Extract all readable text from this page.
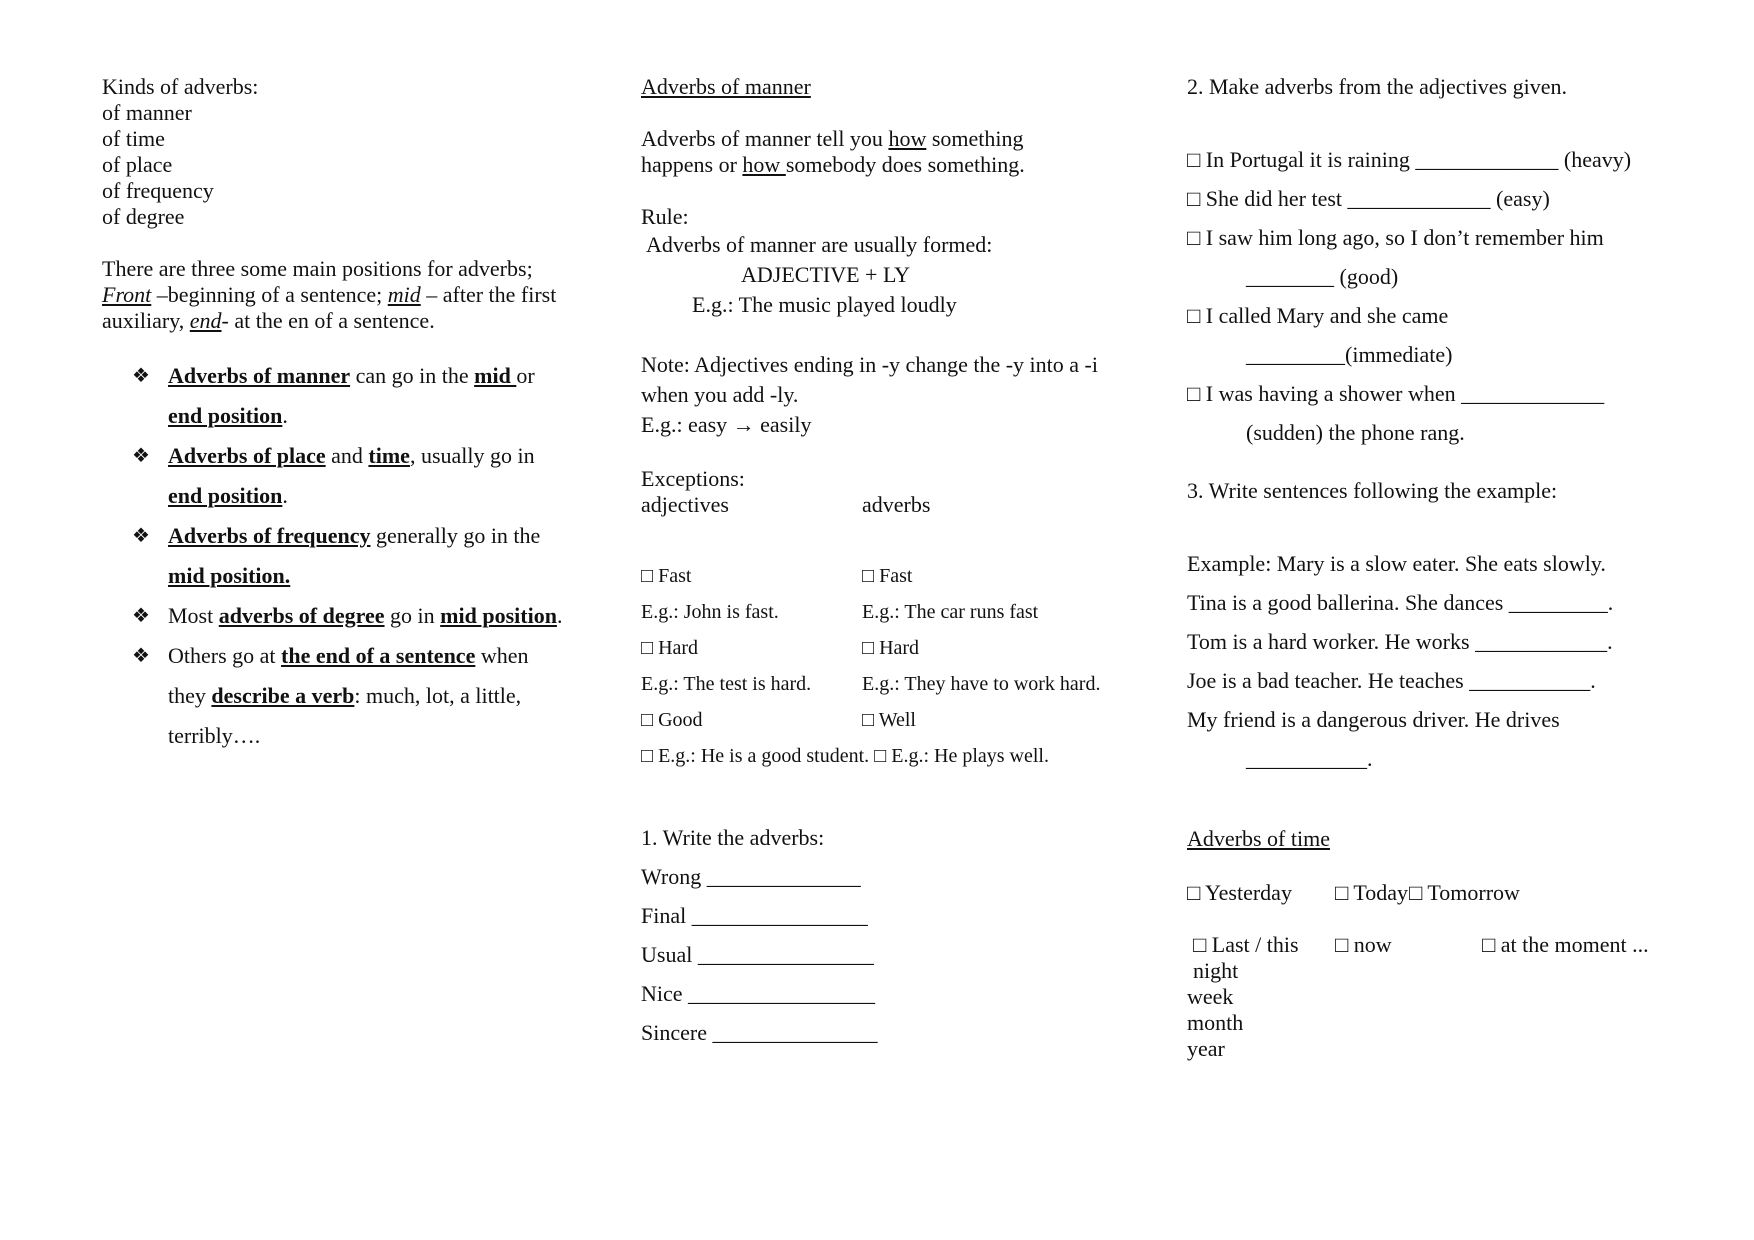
Kinds of adverbs:
of manner
of time
of place
of frequency
of degree
There are three some main positions for adverbs;
Front –beginning of a sentence; mid – after the first auxiliary, end- at the en of a sentence.
❖ Adverbs of manner can go in the mid or
end position.
❖ Adverbs of place and time, usually go in
end position.
❖ Adverbs of frequency generally go in the
mid position.
❖ Most adverbs of degree go in mid position.
❖ Others go at the end of a sentence when they describe a verb: much, lot, a little, terribly….
Adverbs of manner
Adverbs of manner tell you how something happens or how somebody does something.
Rule:
Adverbs of manner are usually formed:
ADJECTIVE + LY
E.g.: The music played loudly
Note: Adjectives ending in -y change the -y into a -i when you add -ly.
E.g.: easy → easily
Exceptions:
adjectives	adverbs
□ Fast	□ Fast
E.g.: John is fast.	E.g.: The car runs fast
□ Hard	□ Hard
E.g.: The test is hard.	E.g.: They have to work hard.
□ Good	□ Well
□ E.g.: He is a good student. □ E.g.: He plays well.
1. Write the adverbs:
Wrong ______________
Final ________________
Usual ________________
Nice _________________
Sincere _______________
2. Make adverbs from the adjectives given.
□ In Portugal it is raining _____________ (heavy)
□ She did her test _____________ (easy)
□ I saw him long ago, so I don’t remember him
________ (good)
□ I called Mary and she came
_________(immediate)
□ I was having a shower when _____________
(sudden) the phone rang.
3. Write sentences following the example:
Example: Mary is a slow eater. She eats slowly.
Tina is a good ballerina. She dances _________.
Tom is a hard worker. He works ____________.
Joe is a bad teacher. He teaches ___________.
My friend is a dangerous driver. He drives
___________.
Adverbs of time
□ Yesterday	□ Today □ Tomorrow
□ Last / this night
□ now	□ at the moment ...
week
month
year
